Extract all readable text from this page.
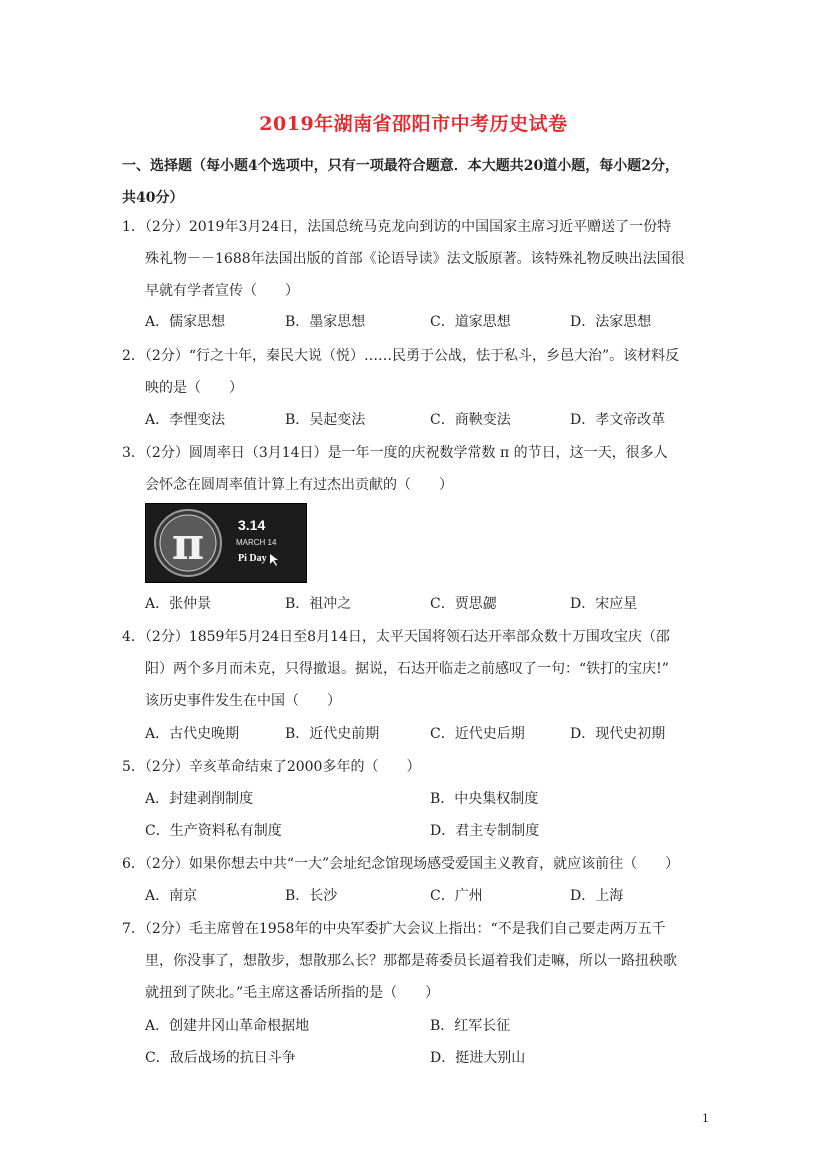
2019年湖南省邵阳市中考历史试卷
一、选择题（每小题4个选项中，只有一项最符合题意．本大题共20道小题，每小题2分，
共40分）
1．（2分）2019年3月24日，法国总统马克龙向到访的中国国家主席习近平赠送了一份特
殊礼物－－1688年法国出版的首部《论语导读》法文版原著。该特殊礼物反映出法国很
早就有学者宣传（　　）
A．儒家思想	B．墨家思想	C．道家思想	D．法家思想
2．（2分）“行之十年，秦民大说（悦）……民勇于公战，怯于私斗，乡邑大治”。该材料反
映的是（　　）
A．李悝变法	B．吴起变法	C．商鞅变法	D．孝文帝改革
3．（2分）圆周率日（3月14日）是一年一度的庆祝数学常数 π 的节日，这一天，很多人
会怀念在圆周率值计算上有过杰出贡献的（　　）
π 3.14
MARCH 14
Pi Day
A．张仲景	B．祖冲之	C．贾思勰	D．宋应星
4．（2分）1859年5月24日至8月14日，太平天国将领石达开率部众数十万围攻宝庆（邵
阳）两个多月而未克，只得撤退。据说，石达开临走之前感叹了一句：“铁打的宝庆!”
该历史事件发生在中国（　　）
A．古代史晚期	B．近代史前期	C．近代史后期	D．现代史初期
5．（2分）辛亥革命结束了2000多年的（　　）
A．封建剥削制度	B．中央集权制度
C．生产资料私有制度	D．君主专制制度
6．（2分）如果你想去中共“一大”会址纪念馆现场感受爱国主义教育，就应该前往（　　）
A．南京	B．长沙	C．广州	D．上海
7．（2分）毛主席曾在1958年的中央军委扩大会议上指出：“不是我们自己要走两万五千
里，你没事了，想散步，想散那么长？那都是蒋委员长逼着我们走嘛，所以一路扭秧歌
就扭到了陕北。”毛主席这番话所指的是（　　）
A．创建井冈山革命根据地	B．红军长征
C．敌后战场的抗日斗争	D．挺进大别山
1
